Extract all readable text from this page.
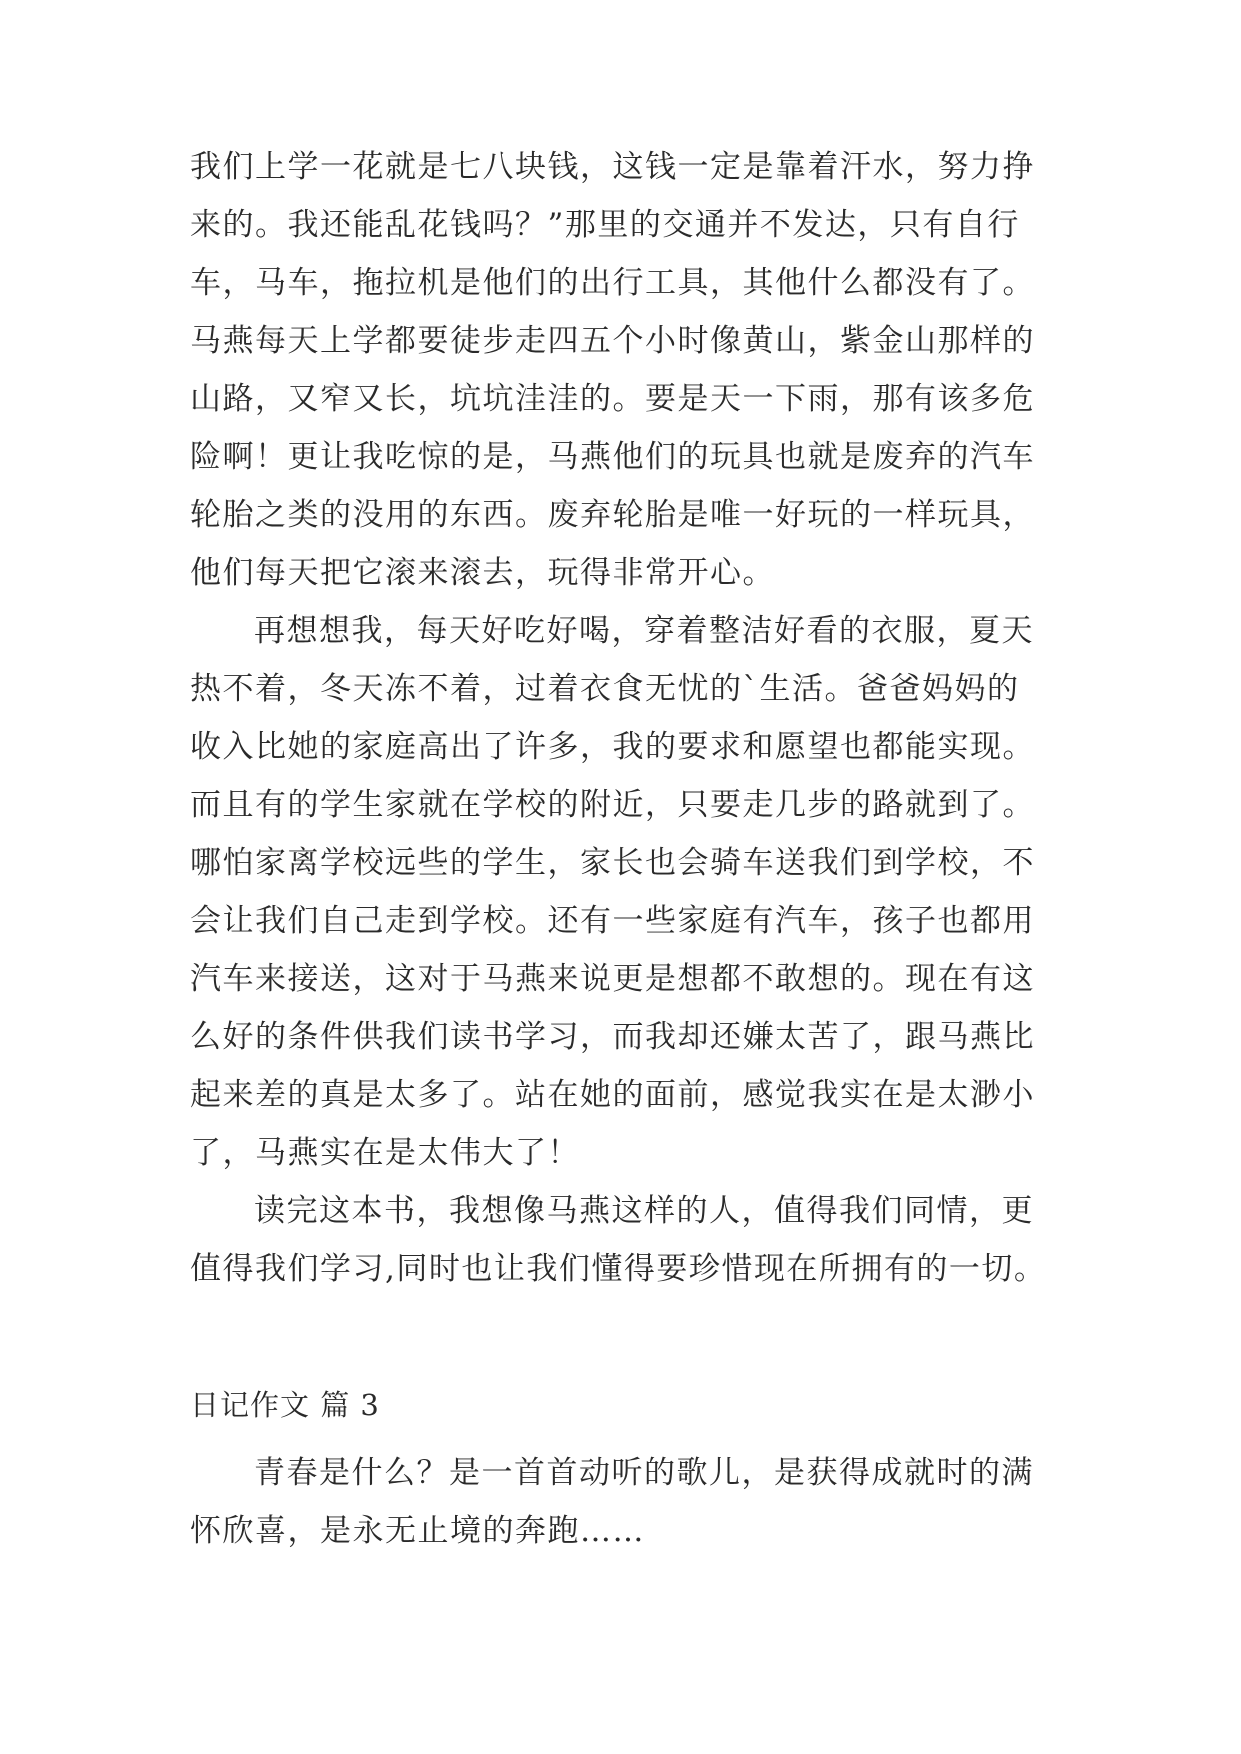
我们上学一花就是七八块钱，这钱一定是靠着汗水，努力挣
来的。我还能乱花钱吗？”那里的交通并不发达，只有自行
车，马车，拖拉机是他们的出行工具，其他什么都没有了。
马燕每天上学都要徒步走四五个小时像黄山，紫金山那样的
山路，又窄又长，坑坑洼洼的。要是天一下雨，那有该多危
险啊！更让我吃惊的是，马燕他们的玩具也就是废弃的汽车
轮胎之类的没用的东西。废弃轮胎是唯一好玩的一样玩具，
他们每天把它滚来滚去，玩得非常开心。
再想想我，每天好吃好喝，穿着整洁好看的衣服，夏天
热不着，冬天冻不着，过着衣食无忧的`生活。爸爸妈妈的
收入比她的家庭高出了许多，我的要求和愿望也都能实现。
而且有的学生家就在学校的附近，只要走几步的路就到了。
哪怕家离学校远些的学生，家长也会骑车送我们到学校，不
会让我们自己走到学校。还有一些家庭有汽车，孩子也都用
汽车来接送，这对于马燕来说更是想都不敢想的。现在有这
么好的条件供我们读书学习，而我却还嫌太苦了，跟马燕比
起来差的真是太多了。站在她的面前，感觉我实在是太渺小
了，马燕实在是太伟大了！
读完这本书，我想像马燕这样的人，值得我们同情，更
值得我们学习,同时也让我们懂得要珍惜现在所拥有的一切。
日记作文 篇 3
青春是什么？是一首首动听的歌儿，是获得成就时的满
怀欣喜，是永无止境的奔跑……
